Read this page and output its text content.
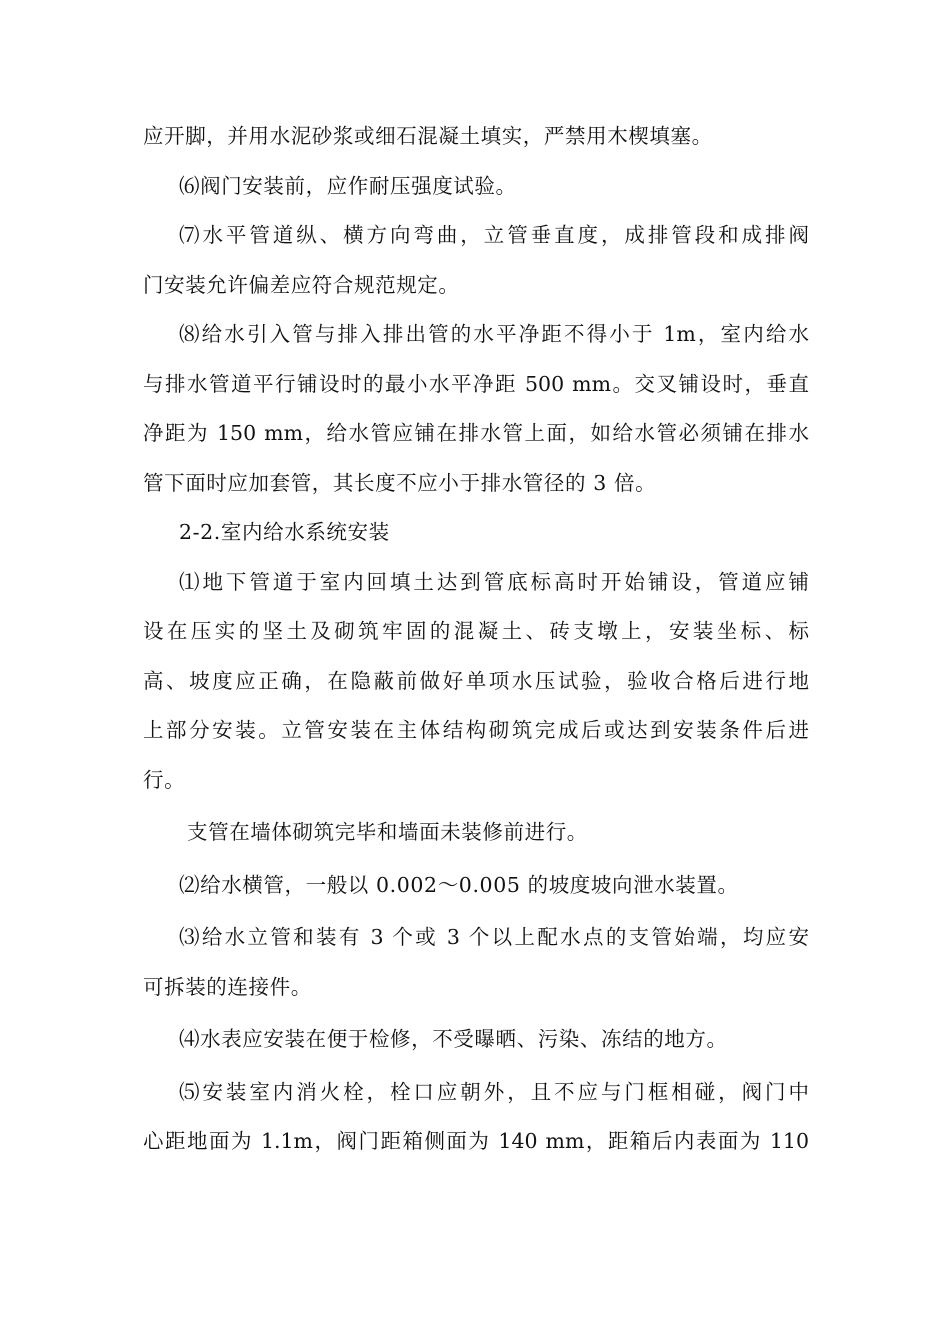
应开脚，并用水泥砂浆或细石混凝土填实，严禁用木楔填塞。
⑹阀门安装前，应作耐压强度试验。
⑺水平管道纵、横方向弯曲，立管垂直度，成排管段和成排阀
门安装允许偏差应符合规范规定。
⑻给水引入管与排入排出管的水平净距不得小于 1m，室内给水
与排水管道平行铺设时的最小水平净距 500 mm。交叉铺设时，垂直
净距为 150 mm，给水管应铺在排水管上面，如给水管必须铺在排水
管下面时应加套管，其长度不应小于排水管径的 3 倍。
2-2.室内给水系统安装
⑴地下管道于室内回填土达到管底标高时开始铺设，管道应铺
设在压实的坚土及砌筑牢固的混凝土、砖支墩上，安装坐标、标
高、坡度应正确，在隐蔽前做好单项水压试验，验收合格后进行地
上部分安装。立管安装在主体结构砌筑完成后或达到安装条件后进
行。
支管在墙体砌筑完毕和墙面未装修前进行。
⑵给水横管，一般以 0.002～0.005 的坡度坡向泄水装置。
⑶给水立管和装有 3 个或 3 个以上配水点的支管始端，均应安
可拆装的连接件。
⑷水表应安装在便于检修，不受曝晒、污染、冻结的地方。
⑸安装室内消火栓，栓口应朝外，且不应与门框相碰，阀门中
心距地面为 1.1m，阀门距箱侧面为 140 mm，距箱后内表面为 110
